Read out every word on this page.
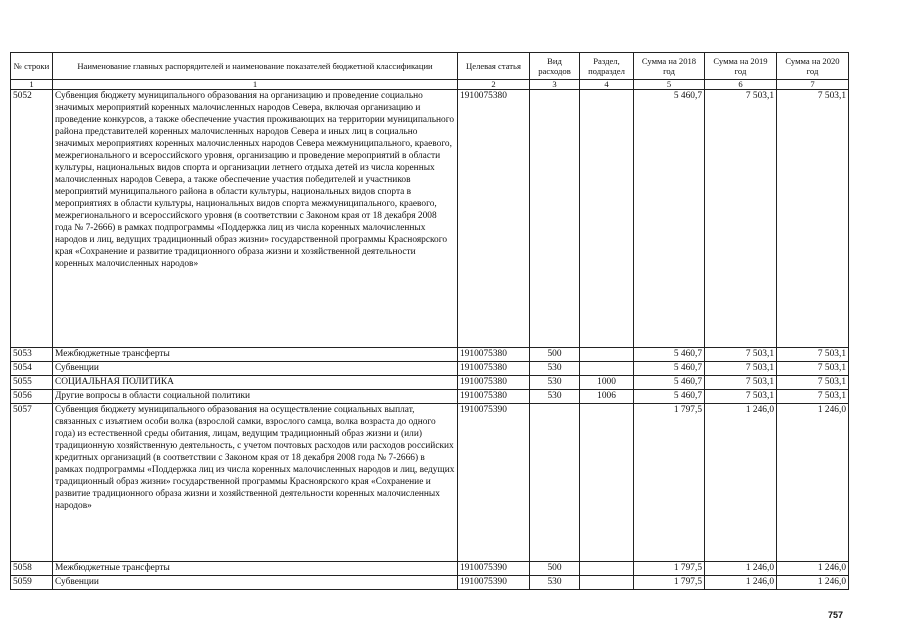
№ строки	Наименование главных распорядителей и наименование показателей бюджетной классификации	Целевая статья	Вид расходов	Раздел, подраздел	Сумма на 2018 год	Сумма на 2019 год	Сумма на 2020 год
1	1	2	3	4	5	6	7
5052	Субвенция бюджету муниципального образования на организацию и проведение социально значимых мероприятий коренных малочисленных народов Севера, включая организацию и проведение конкурсов, а также обеспечение участия проживающих на территории муниципального района представителей коренных малочисленных народов Севера и иных лиц в социально значимых мероприятиях коренных малочисленных народов Севера межмуниципального, краевого, межрегионального и всероссийского уровня, организацию и проведение мероприятий в области культуры, национальных видов спорта и организации летнего отдыха детей из числа коренных малочисленных народов Севера, а также обеспечение участия победителей и участников мероприятий муниципального района в области культуры, национальных видов спорта в мероприятиях в области культуры, национальных видов спорта межмуниципального, краевого, межрегионального и всероссийского уровня (в соответствии с Законом края от 18 декабря 2008 года № 7-2666) в рамках подпрограммы «Поддержка лиц из числа коренных малочисленных народов и лиц, ведущих традиционный образ жизни» государственной программы Красноярского края «Сохранение и развитие традиционного образа жизни и хозяйственной деятельности коренных малочисленных народов»	1910075380			5 460,7	7 503,1	7 503,1
5053	Межбюджетные трансферты	1910075380	500		5 460,7	7 503,1	7 503,1
5054	Субвенции	1910075380	530		5 460,7	7 503,1	7 503,1
5055	СОЦИАЛЬНАЯ ПОЛИТИКА	1910075380	530	1000	5 460,7	7 503,1	7 503,1
5056	Другие вопросы в области социальной политики	1910075380	530	1006	5 460,7	7 503,1	7 503,1
5057	Субвенция бюджету муниципального образования на осуществление социальных выплат, связанных с изъятием особи волка (взрослой самки, взрослого самца, волка возраста до одного года) из естественной среды обитания, лицам, ведущим традиционный образ жизни и (или) традиционную хозяйственную деятельность, с учетом почтовых расходов или расходов российских кредитных организаций (в соответствии с Законом края от 18 декабря 2008 года № 7-2666) в рамках подпрограммы «Поддержка лиц из числа коренных малочисленных народов и лиц, ведущих традиционный образ жизни» государственной программы Красноярского края «Сохранение и развитие традиционного образа жизни и хозяйственной деятельности коренных малочисленных народов»	1910075390			1 797,5	1 246,0	1 246,0
5058	Межбюджетные трансферты	1910075390	500		1 797,5	1 246,0	1 246,0
5059	Субвенции	1910075390	530		1 797,5	1 246,0	1 246,0
757
